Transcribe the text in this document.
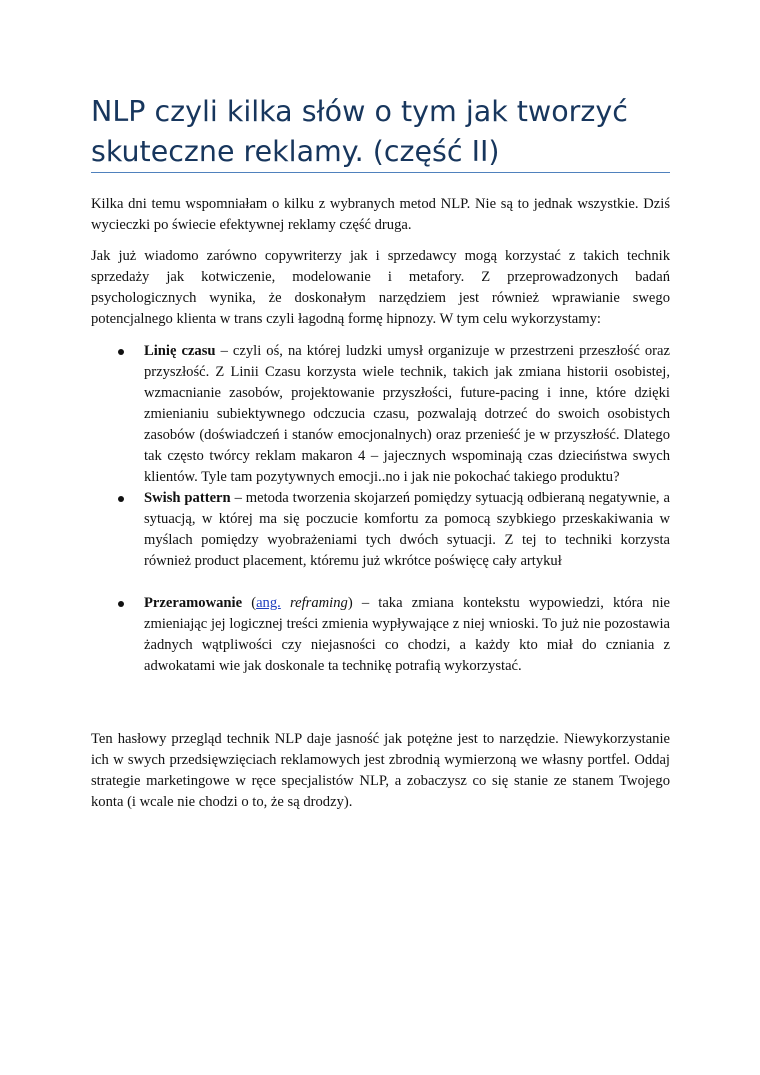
NLP czyli kilka słów o tym jak tworzyć skuteczne reklamy. (część II)

Kilka dni temu wspomniałam o kilku z wybranych metod NLP. Nie są to jednak wszystkie. Dziś wycieczki po świecie efektywnej reklamy część druga.

Jak już wiadomo zarówno copywriterzy jak i sprzedawcy mogą korzystać z takich technik sprzedaży jak kotwiczenie, modelowanie i metafory. Z przeprowadzonych badań psychologicznych wynika, że doskonałym narzędziem jest również wprawianie swego potencjalnego klienta w trans czyli łagodną formę hipnozy. W tym celu wykorzystamy:

Linię czasu – czyli oś, na której ludzki umysł organizuje w przestrzeni przeszłość oraz przyszłość. Z Linii Czasu korzysta wiele technik, takich jak zmiana historii osobistej, wzmacnianie zasobów, projektowanie przyszłości, future-pacing i inne, które dzięki zmienianiu subiektywnego odczucia czasu, pozwalają dotrzeć do swoich osobistych zasobów (doświadczeń i stanów emocjonalnych) oraz przenieść je w przyszłość. Dlatego tak często twórcy reklam makaron 4 – jajecznych wspominają czas dzieciństwa swych klientów. Tyle tam pozytywnych emocji..no i jak nie pokochać takiego produktu?
Swish pattern – metoda tworzenia skojarzeń pomiędzy sytuacją odbieraną negatywnie, a sytuacją, w której ma się poczucie komfortu za pomocą szybkiego przeskakiwania w myślach pomiędzy wyobrażeniami tych dwóch sytuacji. Z tej to techniki korzysta również product placement, któremu już wkrótce poświęcę cały artykuł
Przeramowanie (ang. reframing) – taka zmiana kontekstu wypowiedzi, która nie zmieniając jej logicznej treści zmienia wypływające z niej wnioski. To już nie pozostawia żadnych wątpliwości czy niejasności co chodzi, a każdy kto miał do czniania z adwokatami wie jak doskonale ta technikę potrafią wykorzystać.

Ten hasłowy przegląd technik NLP daje jasność jak potężne jest to narzędzie. Niewykorzystanie ich w swych przedsięwzięciach reklamowych jest zbrodnią wymierzoną we własny portfel. Oddaj strategie marketingowe w ręce specjalistów NLP, a zobaczysz co się stanie ze stanem Twojego konta (i wcale nie chodzi o to, że są drodzy).
